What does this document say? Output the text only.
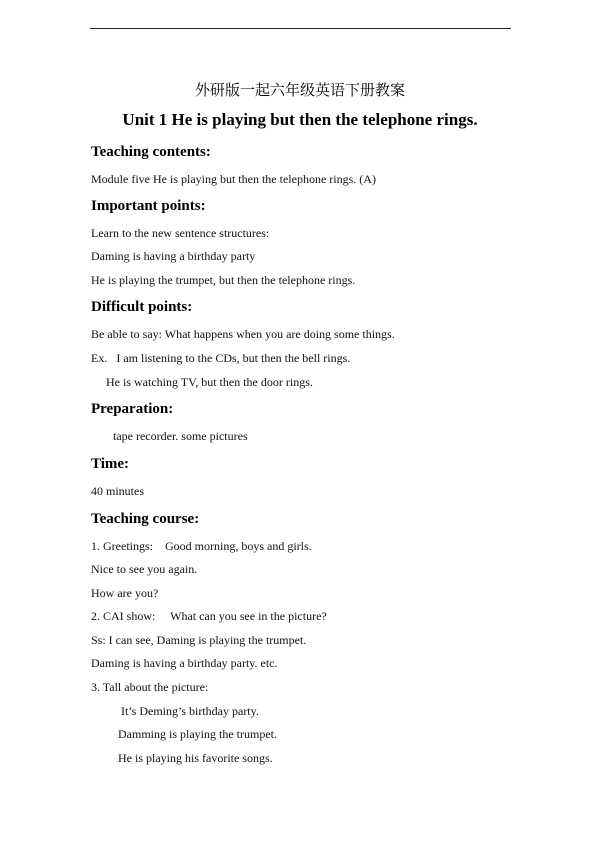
外研版一起六年级英语下册教案
Unit 1 He is playing but then the telephone rings.
Teaching contents:
Module five He is playing but then the telephone rings. (A)
Important points:
Learn to the new sentence structures:
Daming is having a birthday party
He is playing the trumpet, but then the telephone rings.
Difficult points:
Be able to say: What happens when you are doing some things.
Ex.   I am listening to the CDs, but then the bell rings.
He is watching TV, but then the door rings.
Preparation:
tape recorder. some pictures
Time:
40 minutes
Teaching course:
1. Greetings:    Good morning, boys and girls.
Nice to see you again.
How are you?
2. CAI show:     What can you see in the picture?
Ss: I can see, Daming is playing the trumpet.
Daming is having a birthday party. etc.
3. Tall about the picture:
It’s Deming’s birthday party.
Damming is playing the trumpet.
He is playing his favorite songs.
